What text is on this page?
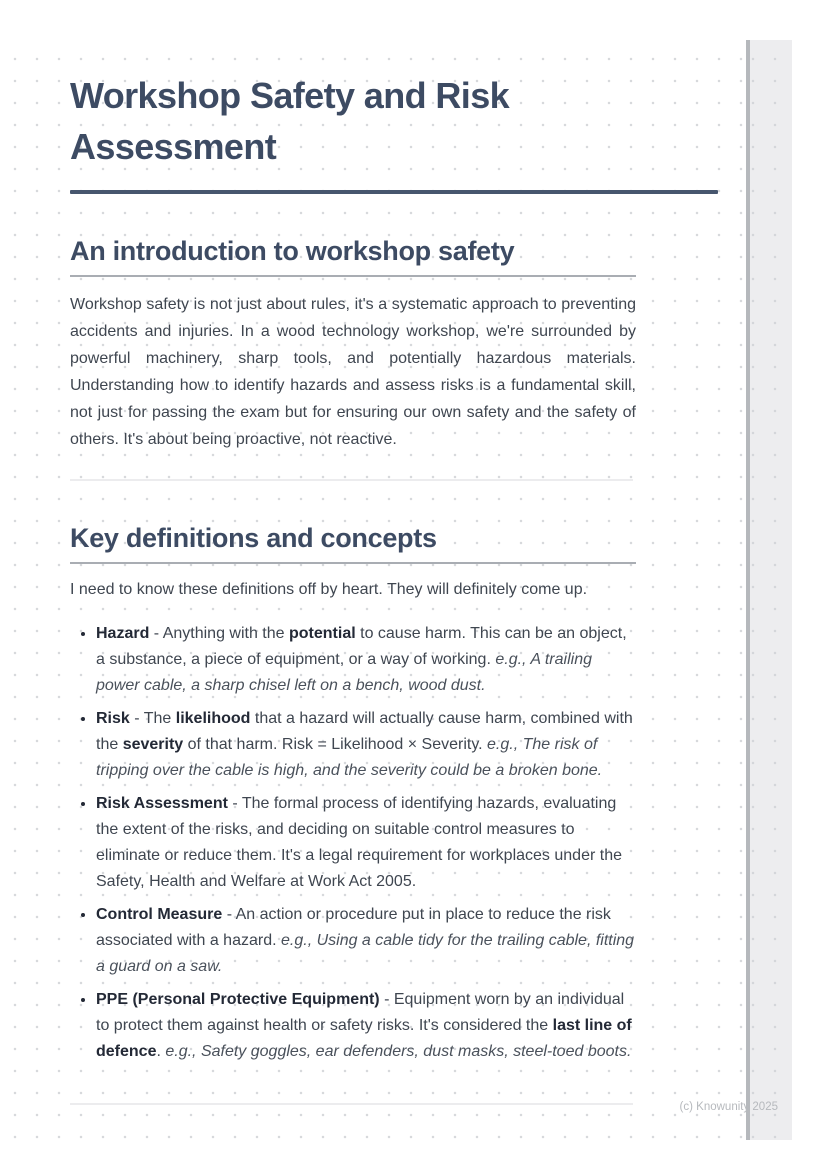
Workshop Safety and Risk Assessment
An introduction to workshop safety

Workshop safety is not just about rules, it's a systematic approach to preventing accidents and injuries. In a wood technology workshop, we're surrounded by powerful machinery, sharp tools, and potentially hazardous materials. Understanding how to identify hazards and assess risks is a fundamental skill, not just for passing the exam but for ensuring our own safety and the safety of others. It's about being proactive, not reactive.

Key definitions and concepts

I need to know these definitions off by heart. They will definitely come up.

• Hazard - Anything with the potential to cause harm. This can be an object, a substance, a piece of equipment, or a way of working. e.g., A trailing power cable, a sharp chisel left on a bench, wood dust.
• Risk - The likelihood that a hazard will actually cause harm, combined with the severity of that harm. Risk = Likelihood × Severity. e.g., The risk of tripping over the cable is high, and the severity could be a broken bone.
• Risk Assessment - The formal process of identifying hazards, evaluating the extent of the risks, and deciding on suitable control measures to eliminate or reduce them. It's a legal requirement for workplaces under the Safety, Health and Welfare at Work Act 2005.
• Control Measure - An action or procedure put in place to reduce the risk associated with a hazard. e.g., Using a cable tidy for the trailing cable, fitting a guard on a saw.
• PPE (Personal Protective Equipment) - Equipment worn by an individual to protect them against health or safety risks. It's considered the last line of defence. e.g., Safety goggles, ear defenders, dust masks, steel-toed boots.
(c) Knowunity 2025
